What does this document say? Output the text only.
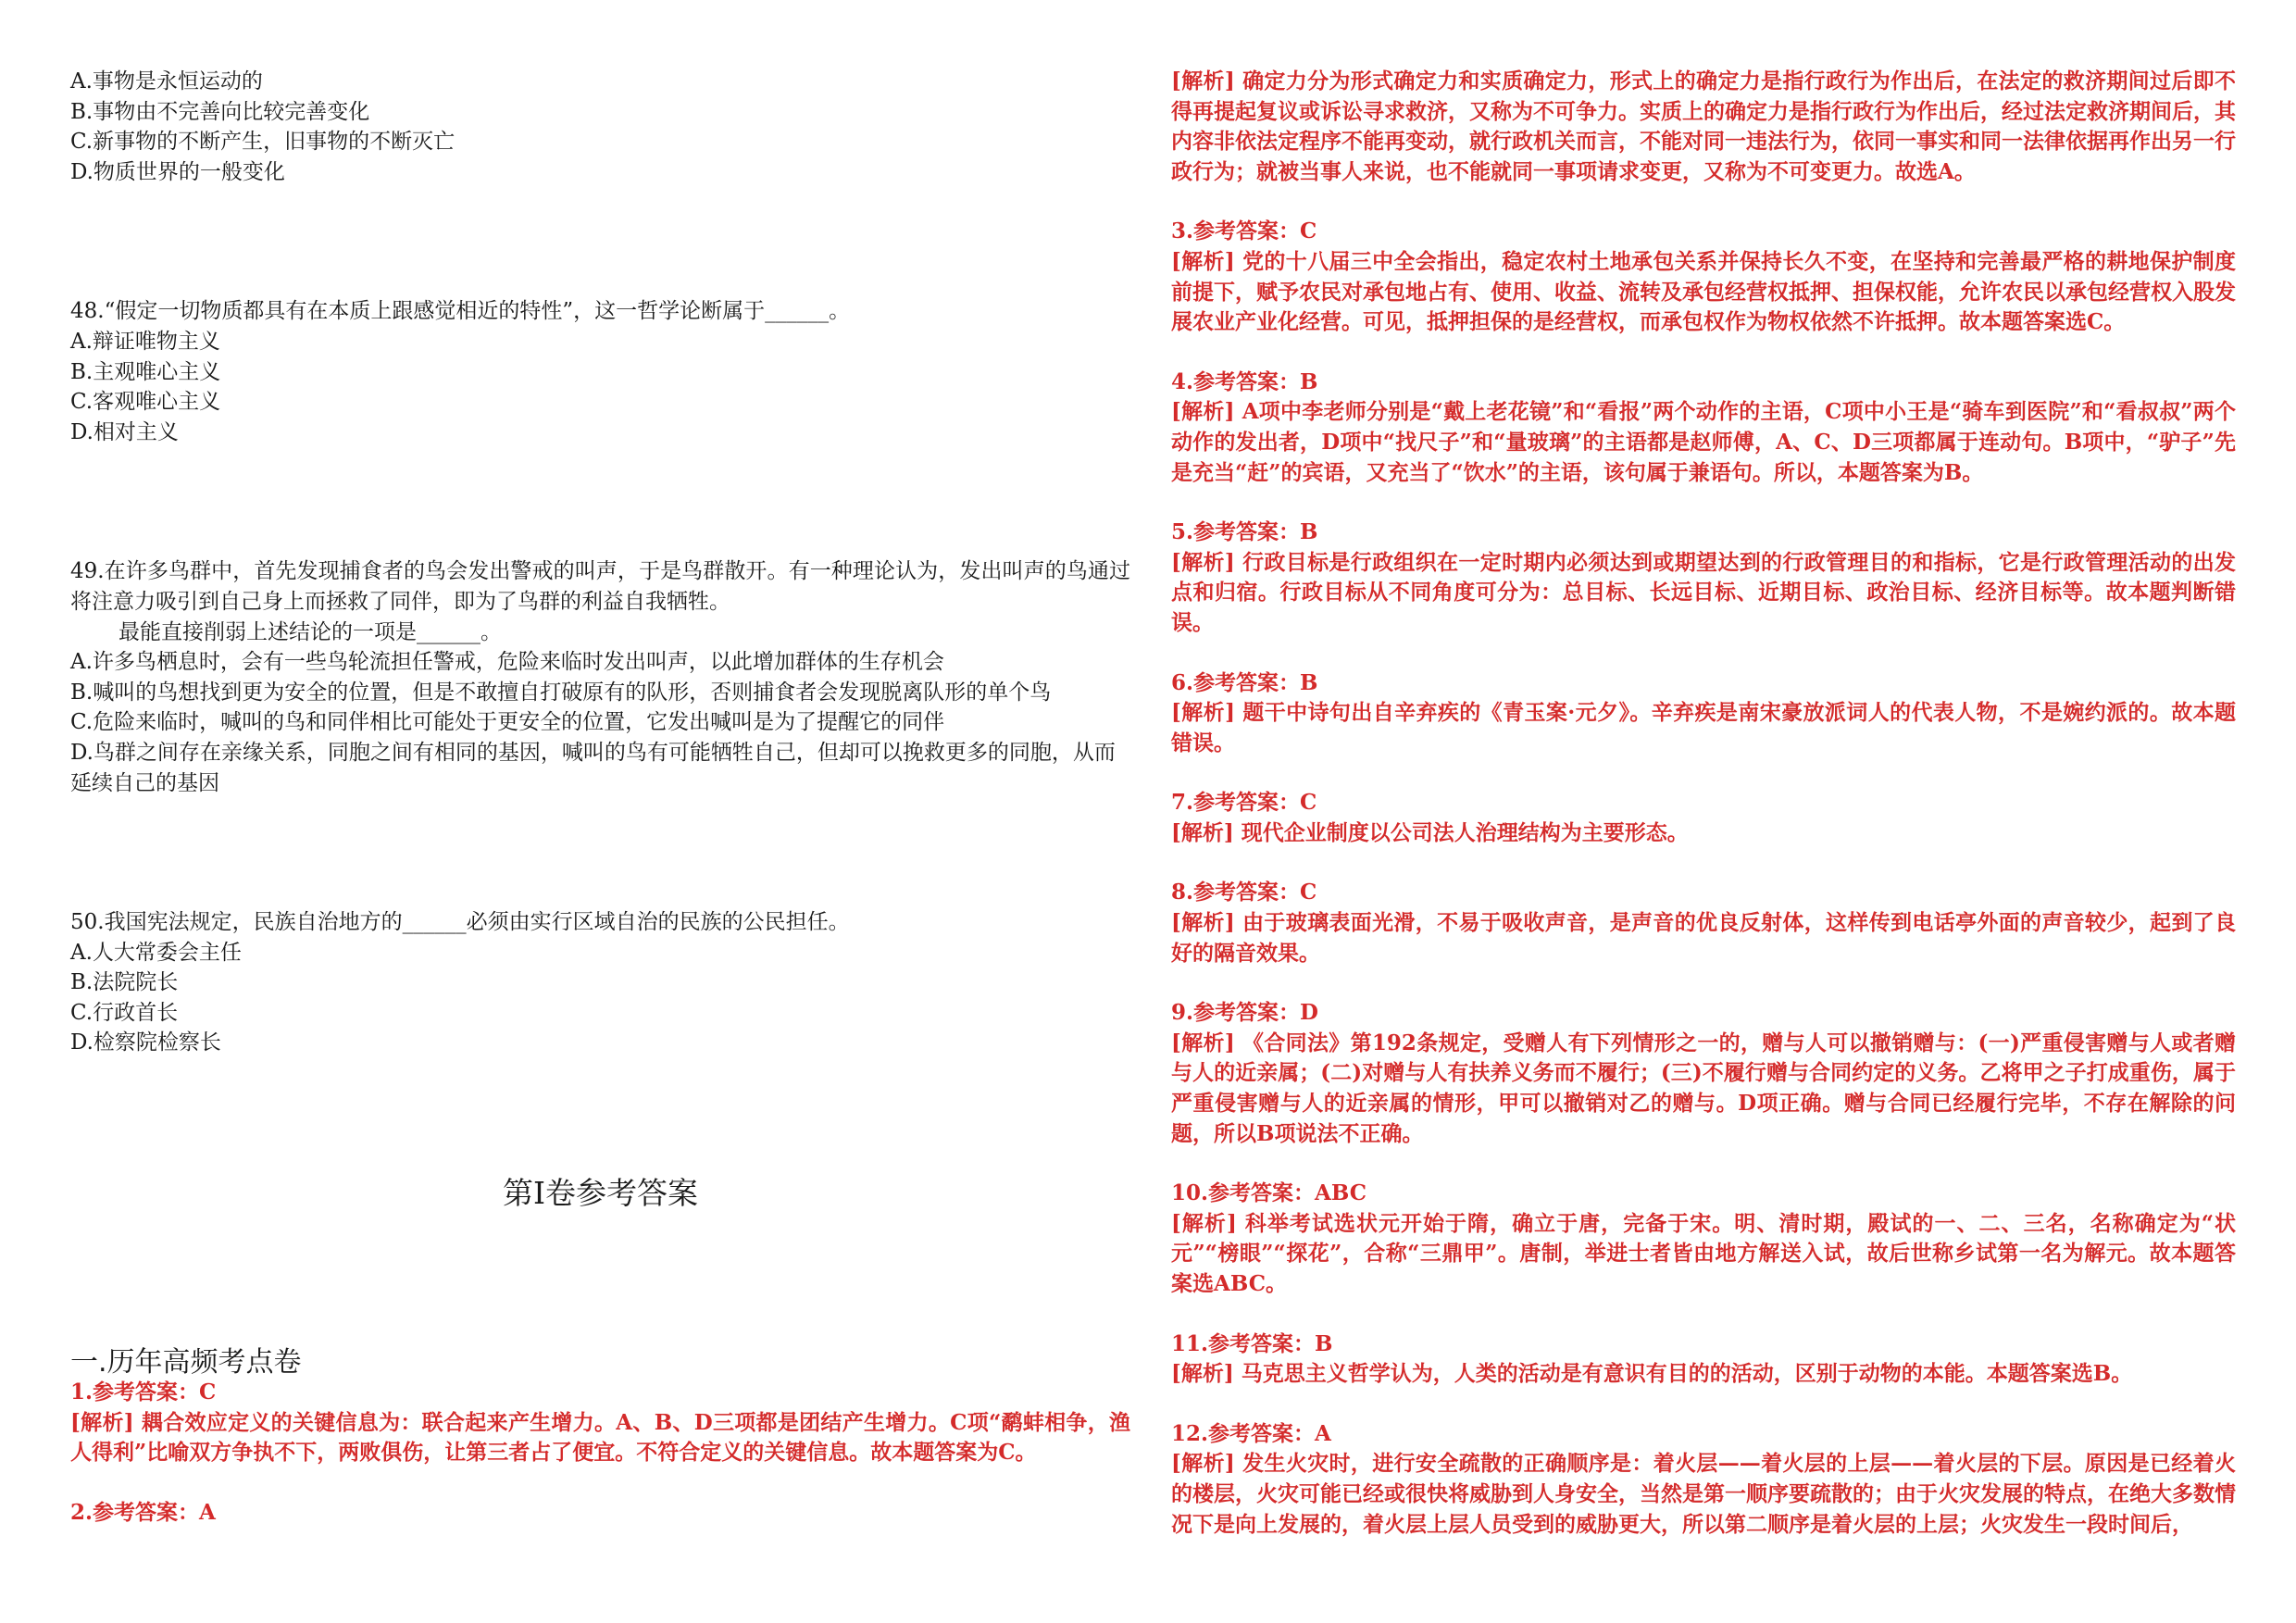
A.事物是永恒运动的
B.事物由不完善向比较完善变化
C.新事物的不断产生，旧事物的不断灭亡
D.物质世界的一般变化
48.“假定一切物质都具有在本质上跟感觉相近的特性”，这一哲学论断属于______。
A.辩证唯物主义
B.主观唯心主义
C.客观唯心主义
D.相对主义
49.在许多鸟群中，首先发现捕食者的鸟会发出警戒的叫声，于是鸟群散开。有一种理论认为，发出叫声的鸟通过将注意力吸引到自己身上而拯救了同伴，即为了鸟群的利益自我牺牲。
最能直接削弱上述结论的一项是______。
A.许多鸟栖息时，会有一些鸟轮流担任警戒，危险来临时发出叫声，以此增加群体的生存机会
B.喊叫的鸟想找到更为安全的位置，但是不敢擅自打破原有的队形，否则捕食者会发现脱离队形的单个鸟
C.危险来临时，喊叫的鸟和同伴相比可能处于更安全的位置，它发出喊叫是为了提醒它的同伴
D.鸟群之间存在亲缘关系，同胞之间有相同的基因，喊叫的鸟有可能牺牲自己，但却可以挽救更多的同胞，从而延续自己的基因
50.我国宪法规定，民族自治地方的______必须由实行区域自治的民族的公民担任。
A.人大常委会主任
B.法院院长
C.行政首长
D.检察院检察长
第Ⅰ卷参考答案
一.历年高频考点卷
1.参考答案：C
[解析] 耦合效应定义的关键信息为：联合起来产生增力。A、B、D三项都是团结产生增力。C项“鹬蚌相争，渔人得利”比喻双方争执不下，两败俱伤，让第三者占了便宜。不符合定义的关键信息。故本题答案为C。
2.参考答案：A
[解析] 确定力分为形式确定力和实质确定力，形式上的确定力是指行政行为作出后，在法定的救济期间过后即不得再提起复议或诉讼寻求救济，又称为不可争力。实质上的确定力是指行政行为作出后，经过法定救济期间后，其内容非依法定程序不能再变动，就行政机关而言，不能对同一违法行为，依同一事实和同一法律依据再作出另一行政行为；就被当事人来说，也不能就同一事项请求变更，又称为不可变更力。故选A。
3.参考答案：C
[解析] 党的十八届三中全会指出，稳定农村土地承包关系并保持长久不变，在坚持和完善最严格的耕地保护制度前提下，赋予农民对承包地占有、使用、收益、流转及承包经营权抵押、担保权能，允许农民以承包经营权入股发展农业产业化经营。可见，抵押担保的是经营权，而承包权作为物权依然不许抵押。故本题答案选C。
4.参考答案：B
[解析] A项中李老师分别是“戴上老花镜”和“看报”两个动作的主语，C项中小王是“骑车到医院”和“看叔叔”两个动作的发出者，D项中“找尺子”和“量玻璃”的主语都是赵师傅，A、C、D三项都属于连动句。B项中，“驴子”先是充当“赶”的宾语，又充当了“饮水”的主语，该句属于兼语句。所以，本题答案为B。
5.参考答案：B
[解析] 行政目标是行政组织在一定时期内必须达到或期望达到的行政管理目的和指标，它是行政管理活动的出发点和归宿。行政目标从不同角度可分为：总目标、长远目标、近期目标、政治目标、经济目标等。故本题判断错误。
6.参考答案：B
[解析] 题干中诗句出自辛弃疾的《青玉案·元夕》。辛弃疾是南宋豪放派词人的代表人物，不是婉约派的。故本题错误。
7.参考答案：C
[解析] 现代企业制度以公司法人治理结构为主要形态。
8.参考答案：C
[解析] 由于玻璃表面光滑，不易于吸收声音，是声音的优良反射体，这样传到电话亭外面的声音较少，起到了良好的隔音效果。
9.参考答案：D
[解析] 《合同法》第192条规定，受赠人有下列情形之一的，赠与人可以撤销赠与：(一)严重侵害赠与人或者赠与人的近亲属；(二)对赠与人有扶养义务而不履行；(三)不履行赠与合同约定的义务。乙将甲之子打成重伤，属于严重侵害赠与人的近亲属的情形，甲可以撤销对乙的赠与。D项正确。赠与合同已经履行完毕，不存在解除的问题，所以B项说法不正确。
10.参考答案：ABC
[解析] 科举考试选状元开始于隋，确立于唐，完备于宋。明、清时期，殿试的一、二、三名，名称确定为“状元”“榜眼”“探花”，合称“三鼎甲”。唐制，举进士者皆由地方解送入试，故后世称乡试第一名为解元。故本题答案选ABC。
11.参考答案：B
[解析] 马克思主义哲学认为，人类的活动是有意识有目的的活动，区别于动物的本能。本题答案选B。
12.参考答案：A
[解析] 发生火灾时，进行安全疏散的正确顺序是：着火层——着火层的上层——着火层的下层。原因是已经着火的楼层，火灾可能已经或很快将威胁到人身安全，当然是第一顺序要疏散的；由于火灾发展的特点，在绝大多数情况下是向上发展的，着火层上层人员受到的威胁更大，所以第二顺序是着火层的上层；火灾发生一段时间后，
